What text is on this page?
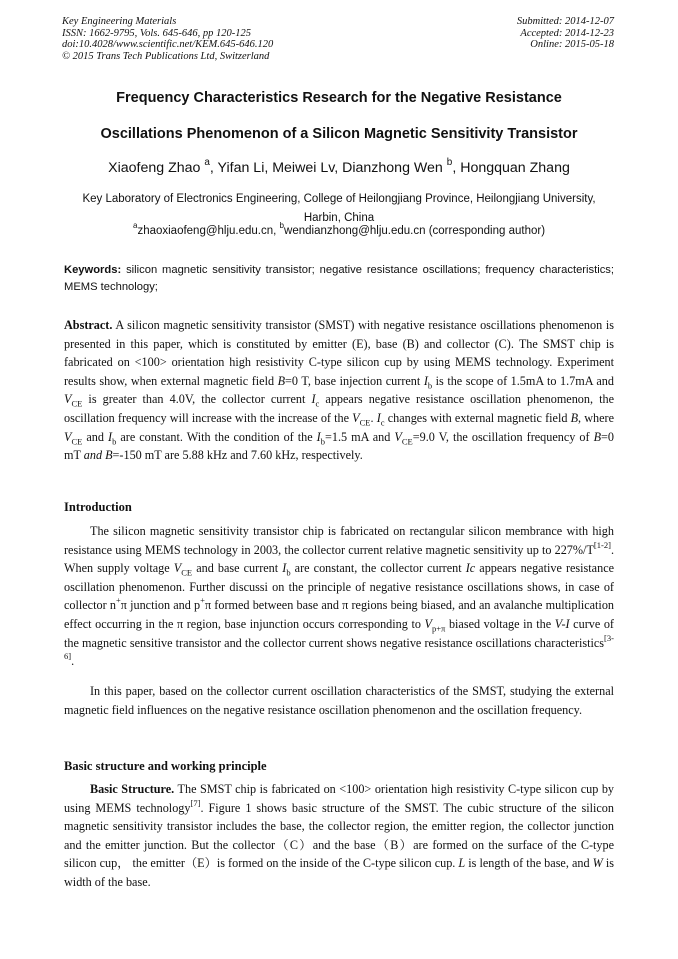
Key Engineering Materials
ISSN: 1662-9795, Vols. 645-646, pp 120-125
doi:10.4028/www.scientific.net/KEM.645-646.120
© 2015 Trans Tech Publications Ltd, Switzerland
Submitted: 2014-12-07
Accepted: 2014-12-23
Online: 2015-05-18
Frequency Characteristics Research for the Negative Resistance
Oscillations Phenomenon of a Silicon Magnetic Sensitivity Transistor
Xiaofeng Zhao $^a$, Yifan Li, Meiwei Lv, Dianzhong Wen $^b$, Hongquan Zhang
Key Laboratory of Electronics Engineering, College of Heilongjiang Province, Heilongjiang University, Harbin, China
$^a$zhaoxiaofeng@hlju.edu.cn, $^b$wendianzhong@hlju.edu.cn (corresponding author)
Keywords: silicon magnetic sensitivity transistor; negative resistance oscillations; frequency characteristics; MEMS technology;
Abstract. A silicon magnetic sensitivity transistor (SMST) with negative resistance oscillations phenomenon is presented in this paper, which is constituted by emitter (E), base (B) and collector (C). The SMST chip is fabricated on <100> orientation high resistivity C-type silicon cup by using MEMS technology. Experiment results show, when external magnetic field B=0 T, base injection current $I_b$ is the scope of 1.5mA to 1.7mA and $V_{CE}$ is greater than 4.0V, the collector current $I_c$ appears negative resistance oscillation phenomenon, the oscillation frequency will increase with the increase of the $V_{CE}$. $I_c$ changes with external magnetic field B, where $V_{CE}$ and $I_b$ are constant. With the condition of the $I_b=1.5$ mA and $V_{CE}=9.0$ V, the oscillation frequency of B=0 mT and B=-150 mT are 5.88 kHz and 7.60 kHz, respectively.
Introduction
The silicon magnetic sensitivity transistor chip is fabricated on rectangular silicon membrance with high resistance using MEMS technology in 2003, the collector current relative magnetic sensitivity up to 227%/T[1-2]. When supply voltage $V_{CE}$ and base current $I_b$ are constant, the collector current Ic appears negative resistance oscillation phenomenon. Further discussi on the principle of negative resistance oscillations shows, in case of collector n+π junction and p+π formed between base and π regions being biased, and an avalanche multiplication effect occurring in the π region, base injunction occurs corresponding to $V_{p+\pi}$ biased voltage in the V-I curve of the magnetic sensitive transistor and the collector current shows negative resistance oscillations characteristics[3-6].
In this paper, based on the collector current oscillation characteristics of the SMST, studying the external magnetic field influences on the negative resistance oscillation phenomenon and the oscillation frequency.
Basic structure and working principle
Basic Structure. The SMST chip is fabricated on <100> orientation high resistivity C-type silicon cup by using MEMS technology[7]. Figure 1 shows basic structure of the SMST. The cubic structure of the silicon magnetic sensitivity transistor includes the base, the collector region, the emitter region, the collector junction and the emitter junction. But the collector（C）and the base（B）are formed on the surface of the C-type silicon cup， the emitter（E）is formed on the inside of the C-type silicon cup. L is length of the base, and W is width of the base.
